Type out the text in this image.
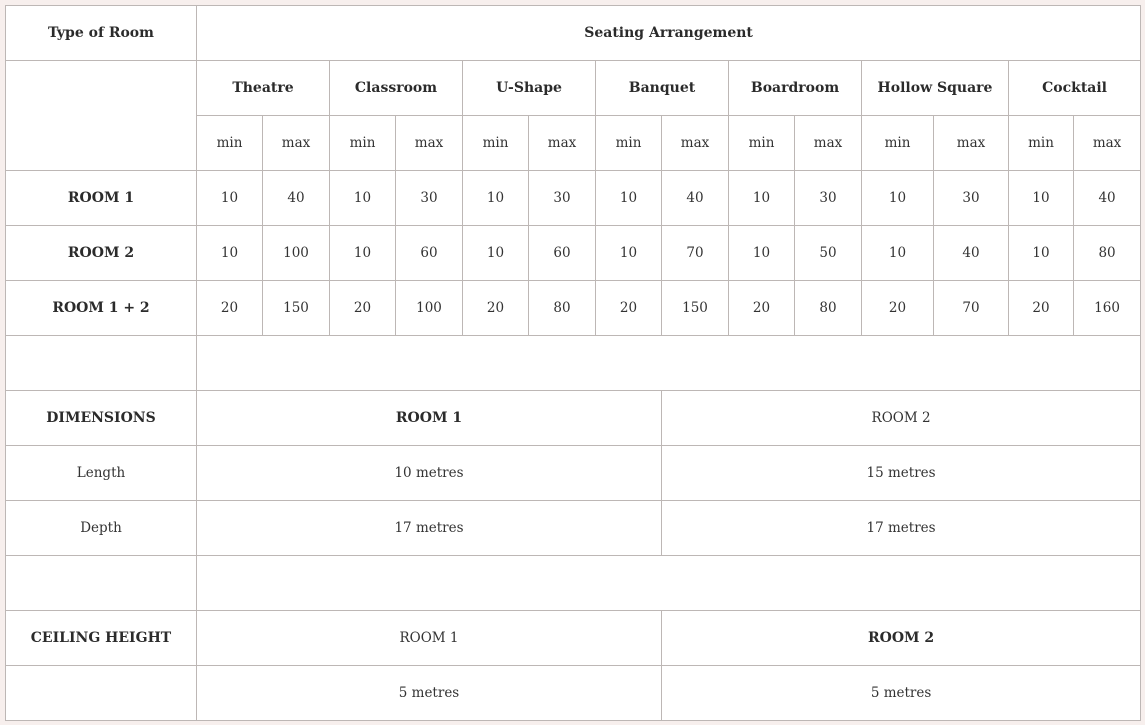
Type of Room	Seating Arrangement													
	Theatre		Classroom		U-Shape		Banquet		Boardroom		Hollow Square		Cocktail	
	min	max	min	max	min	max	min	max	min	max	min	max	min	max
ROOM 1	10	40	10	30	10	30	10	40	10	30	10	30	10	40
ROOM 2	10	100	10	60	10	60	10	70	10	50	10	40	10	80
ROOM 1 + 2	20	150	20	100	20	80	20	150	20	80	20	70	20	160

DIMENSIONS	ROOM 1							ROOM 2						
Length	10 metres							15 metres						
Depth	17 metres							17 metres						

CEILING HEIGHT	ROOM 1							ROOM 2						
	5 metres							5 metres						
